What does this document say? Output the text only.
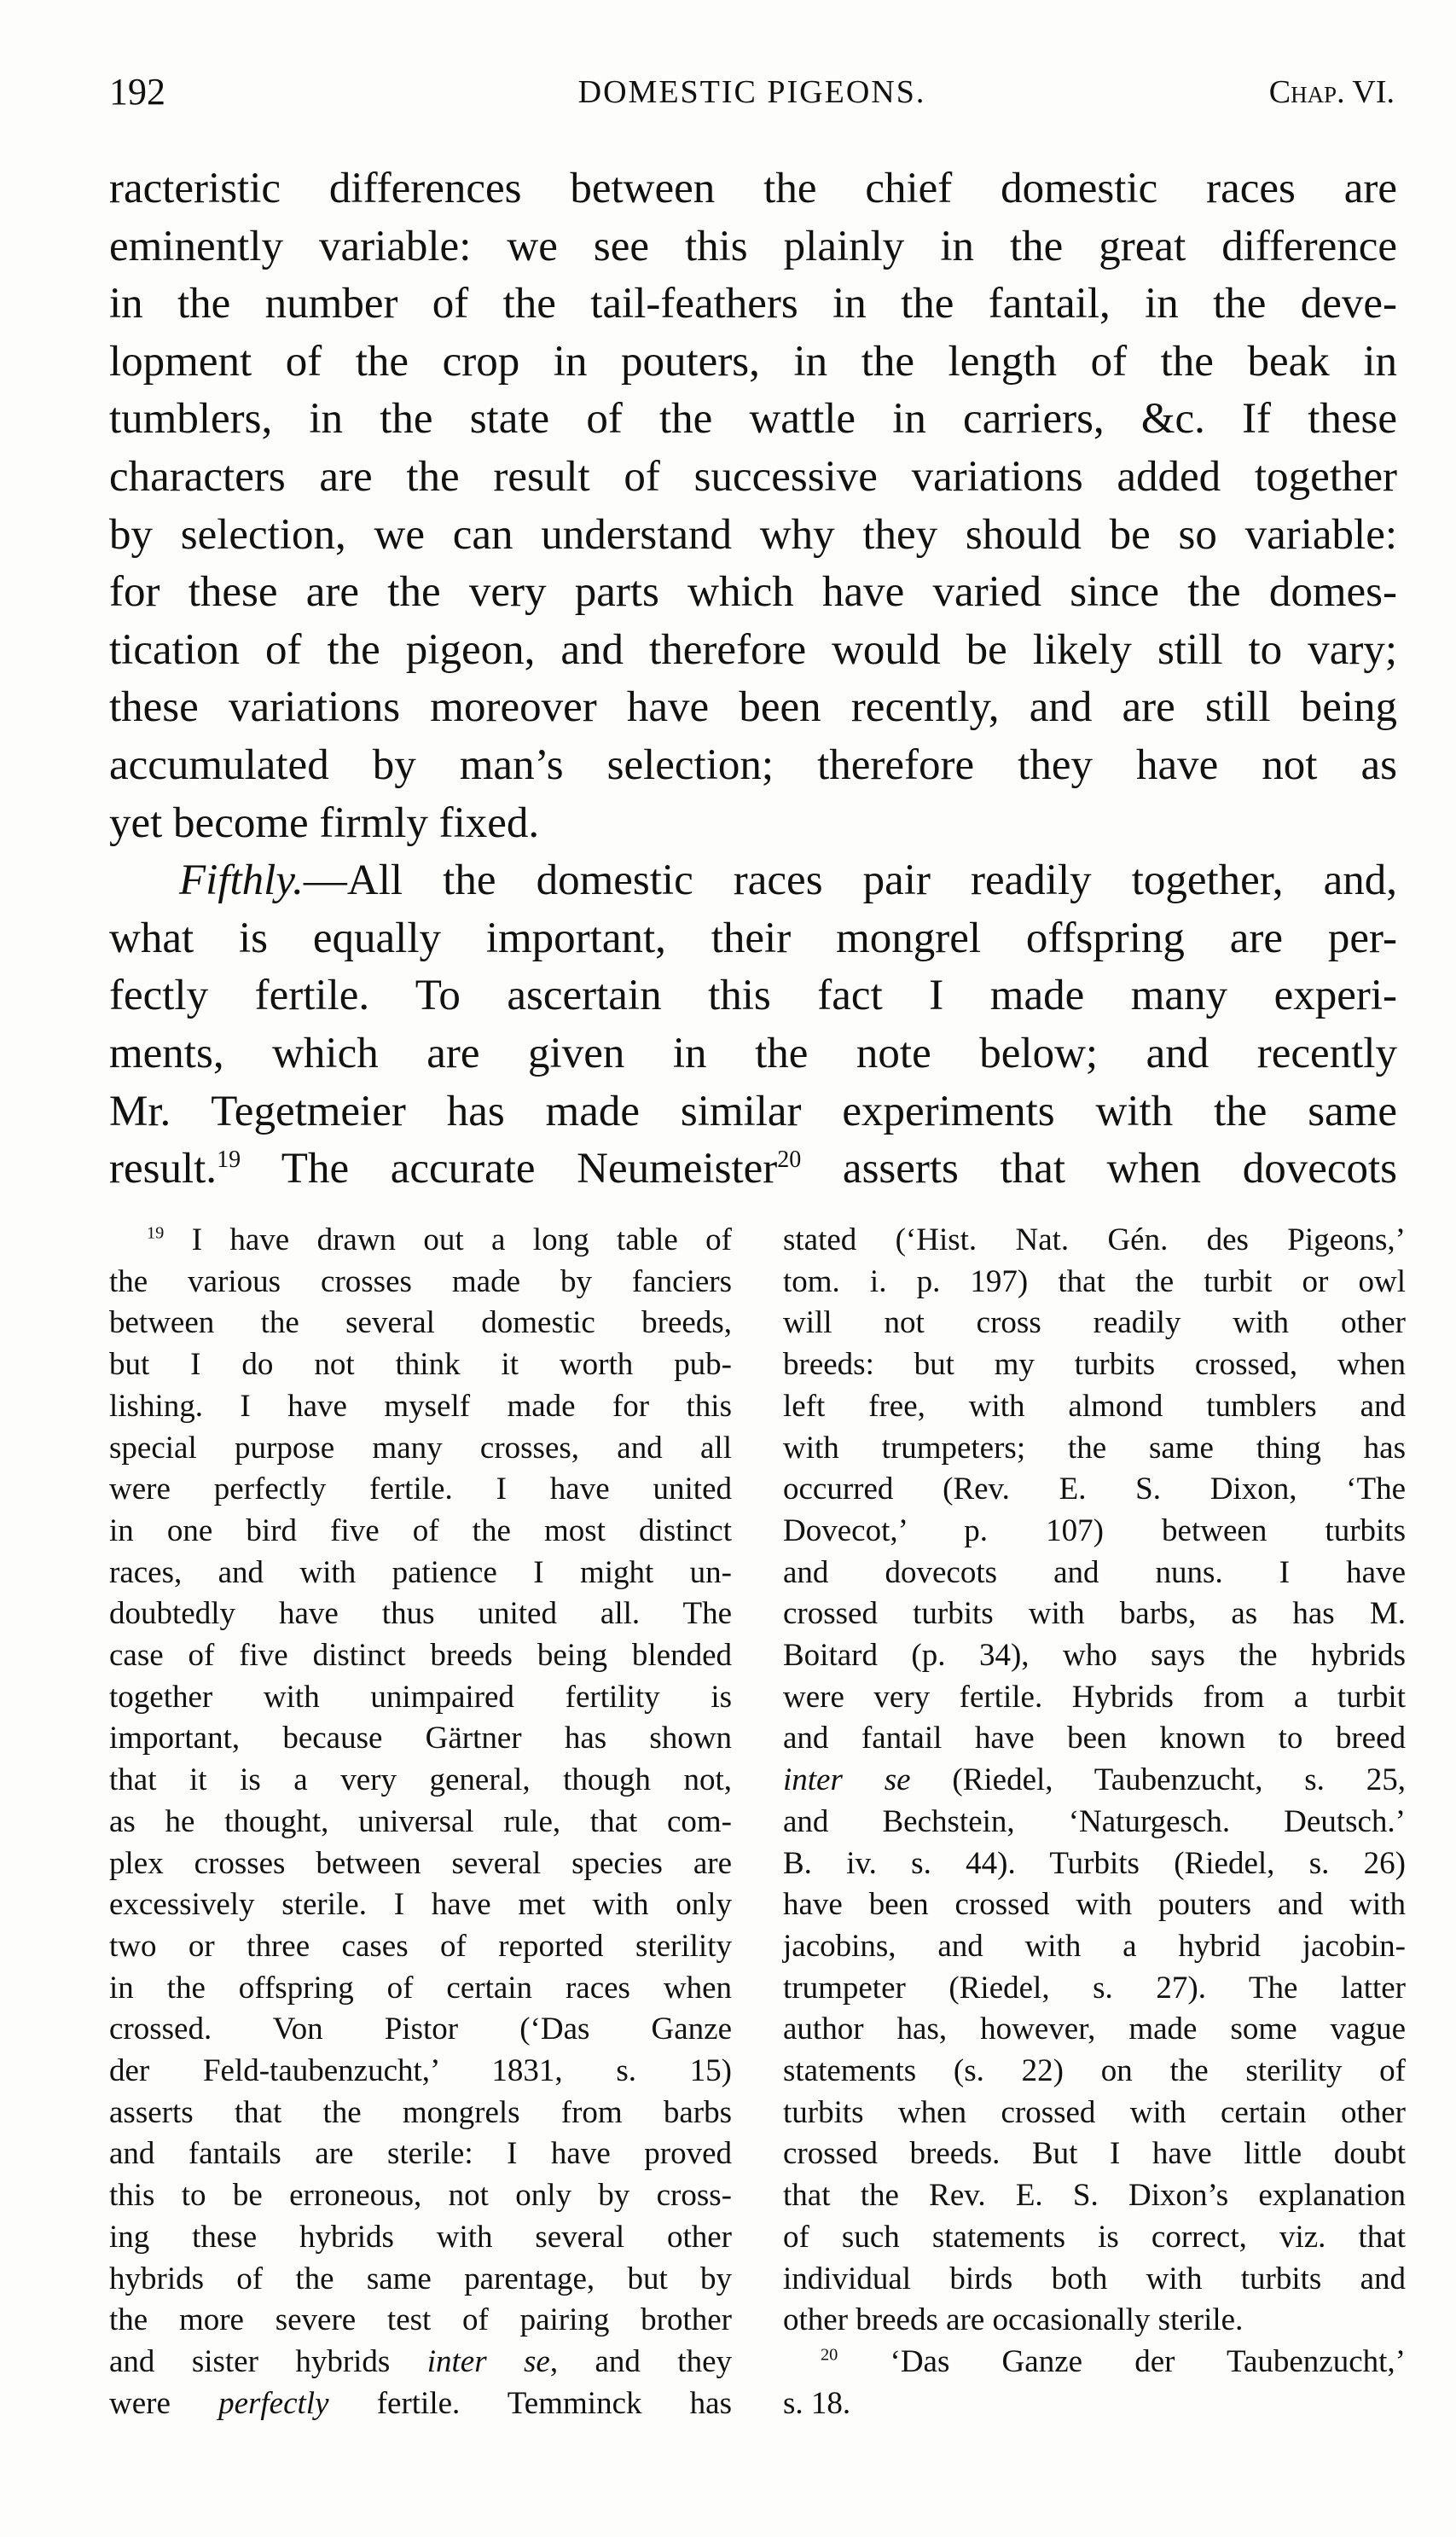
192	DOMESTIC PIGEONS.	Chap. VI.

racteristic differences between the chief domestic races are
eminently variable: we see this plainly in the great difference
in the number of the tail-feathers in the fantail, in the deve-
lopment of the crop in pouters, in the length of the beak in
tumblers, in the state of the wattle in carriers, &c. If these
characters are the result of successive variations added together
by selection, we can understand why they should be so variable:
for these are the very parts which have varied since the domes-
tication of the pigeon, and therefore would be likely still to vary;
these variations moreover have been recently, and are still being
accumulated by man’s selection; therefore they have not as
yet become firmly fixed.

Fifthly.—All the domestic races pair readily together, and,
what is equally important, their mongrel offspring are per-
fectly fertile. To ascertain this fact I made many experi-
ments, which are given in the note below; and recently
Mr. Tegetmeier has made similar experiments with the same
result.$^{19}$ The accurate Neumeister$^{20}$ asserts that when dovecots

$^{19}$ I have drawn out a long table of
the various crosses made by fanciers
between the several domestic breeds,
but I do not think it worth pub-
lishing. I have myself made for this
special purpose many crosses, and all
were perfectly fertile. I have united
in one bird five of the most distinct
races, and with patience I might un-
doubtedly have thus united all. The
case of five distinct breeds being blended
together with unimpaired fertility is
important, because Gärtner has shown
that it is a very general, though not,
as he thought, universal rule, that com-
plex crosses between several species are
excessively sterile. I have met with only
two or three cases of reported sterility
in the offspring of certain races when
crossed. Von Pistor (‘Das Ganze
der Feld-taubenzucht,’ 1831, s. 15)
asserts that the mongrels from barbs
and fantails are sterile: I have proved
this to be erroneous, not only by cross-
ing these hybrids with several other
hybrids of the same parentage, but by
the more severe test of pairing brother
and sister hybrids inter se, and they
were perfectly fertile. Temminck has
stated (‘Hist. Nat. Gén. des Pigeons,’
tom. i. p. 197) that the turbit or owl
will not cross readily with other
breeds: but my turbits crossed, when
left free, with almond tumblers and
with trumpeters; the same thing has
occurred (Rev. E. S. Dixon, ‘The
Dovecot,’ p. 107) between turbits
and dovecots and nuns. I have
crossed turbits with barbs, as has M.
Boitard (p. 34), who says the hybrids
were very fertile. Hybrids from a turbit
and fantail have been known to breed
inter se (Riedel, Taubenzucht, s. 25,
and Bechstein, ‘Naturgesch. Deutsch.’
B. iv. s. 44). Turbits (Riedel, s. 26)
have been crossed with pouters and with
jacobins, and with a hybrid jacobin-
trumpeter (Riedel, s. 27). The latter
author has, however, made some vague
statements (s. 22) on the sterility of
turbits when crossed with certain other
crossed breeds. But I have little doubt
that the Rev. E. S. Dixon’s explanation
of such statements is correct, viz. that
individual birds both with turbits and
other breeds are occasionally sterile.
$^{20}$ ‘Das Ganze der Taubenzucht,’
s. 18.
